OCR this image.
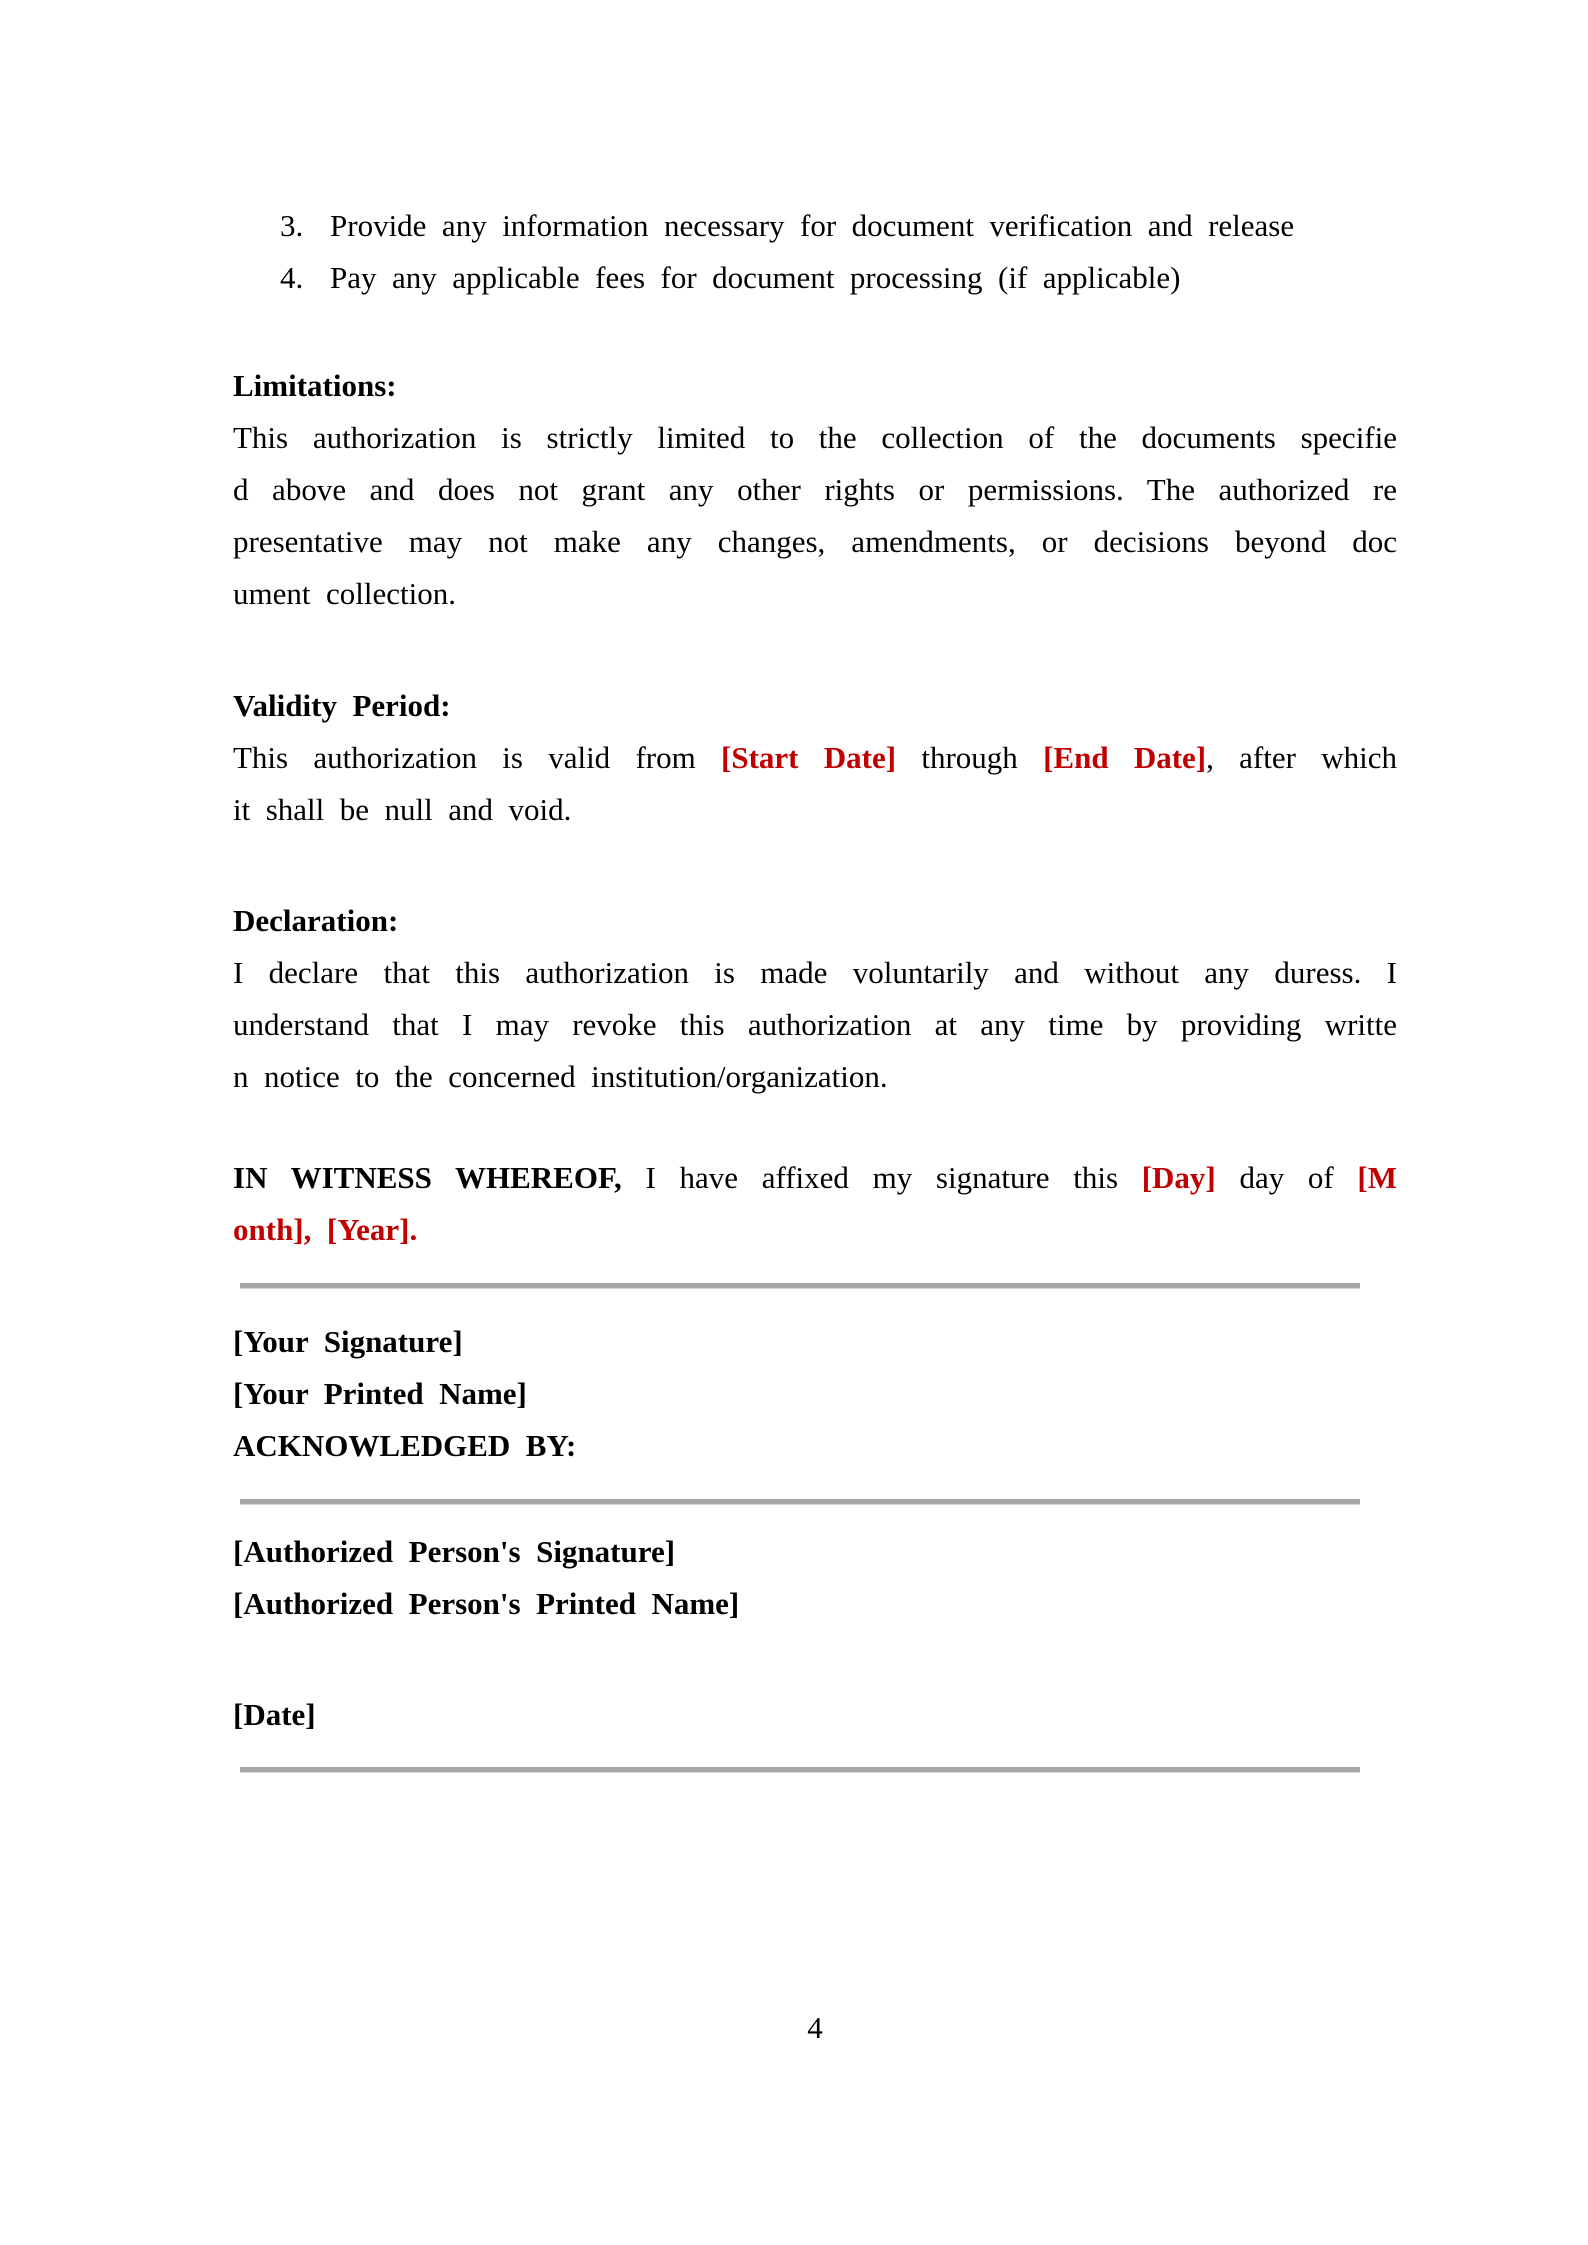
3. Provide any information necessary for document verification and release
4. Pay any applicable fees for document processing (if applicable)
Limitations:
This authorization is strictly limited to the collection of the documents specifie
d above and does not grant any other rights or permissions. The authorized re
presentative may not make any changes, amendments, or decisions beyond doc
ument collection.
Validity Period:
This authorization is valid from [Start Date] through [End Date], after which
it shall be null and void.
Declaration:
I declare that this authorization is made voluntarily and without any duress. I
understand that I may revoke this authorization at any time by providing writte
n notice to the concerned institution/organization.
IN WITNESS WHEREOF, I have affixed my signature this [Day] day of [M
onth], [Year].
[Your Signature]
[Your Printed Name]
ACKNOWLEDGED BY:
[Authorized Person's Signature]
[Authorized Person's Printed Name]
[Date]
4
